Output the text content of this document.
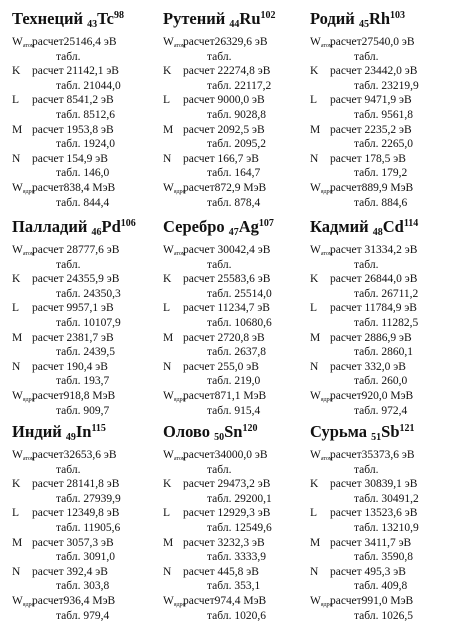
Технеций $_{43}Tc^{98}$
$W_{атом}$
расчет25146,4 эВ
табл.
K расчет 21142,1 эВ
табл. 21044,0
L расчет 8541,2 эВ
табл. 8512,6
M расчет 1953,8 эВ
табл. 1924,0
N расчет 154,9 эВ
табл. 146,0
$W_{ядро}$
расчет838,4 МэВ
табл. 844,4
Рутений $_{44}Ru^{102}$
$W_{атом}$
расчет26329,6 эВ
табл.
K расчет 22274,8 эВ
табл. 22117,2
L расчет 9000,0 эВ
табл. 9028,8
M расчет 2092,5 эВ
табл. 2095,2
N расчет 166,7 эВ
табл. 164,7
$W_{ядро}$
расчет872,9 МэВ
табл. 878,4
Родий $_{45}Rh^{103}$
$W_{атом}$
расчет27540,0 эВ
табл.
K расчет 23442,0 эВ
табл. 23219,9
L расчет 9471,9 эВ
табл. 9561,8
M расчет 2235,2 эВ
табл. 2265,0
N расчет 178,5 эВ
табл. 179,2
$W_{ядро}$
расчет889,9 МэВ
табл. 884,6
Палладий $_{46}Pd^{106}$
$W_{атом}$
расчет 28777,6 эВ
табл.
K расчет 24355,9 эВ
табл. 24350,3
L расчет 9957,1 эВ
табл. 10107,9
M расчет 2381,7 эВ
табл. 2439,5
N расчет 190,4 эВ
табл. 193,7
$W_{ядро}$
расчет918,8 МэВ
табл. 909,7
Серебро $_{47}Ag^{107}$
$W_{атом}$
расчет 30042,4 эВ
табл.
K расчет 25583,6 эВ
табл. 25514,0
L расчет 11234,7 эВ
табл. 10680,6
M расчет 2720,8 эВ
табл. 2637,8
N расчет 255,0 эВ
табл. 219,0
$W_{ядро}$
расчет871,1 МэВ
табл. 915,4
Кадмий $_{48}Cd^{114}$
$W_{атом}$
расчет 31334,2 эВ
табл.
K расчет 26844,0 эВ
табл. 26711,2
L расчет 11784,9 эВ
табл. 11282,5
M расчет 2886,9 эВ
табл. 2860,1
N расчет 332,0 эВ
табл. 260,0
$W_{ядро}$
расчет920,0 МэВ
табл. 972,4
Индий $_{49}In^{115}$
$W_{атом}$
расчет32653,6 эВ
табл.
K расчет 28141,8 эВ
табл. 27939,9
L расчет 12349,8 эВ
табл. 11905,6
M расчет 3057,3 эВ
табл. 3091,0
N расчет 392,4 эВ
табл. 303,8
$W_{ядро}$
расчет936,4 МэВ
табл. 979,4
Олово $_{50}Sn^{120}$
$W_{атом}$
расчет34000,0 эВ
табл.
K расчет 29473,2 эВ
табл. 29200,1
L расчет 12929,3 эВ
табл. 12549,6
M расчет 3232,3 эВ
табл. 3333,9
N расчет 445,8 эВ
табл. 353,1
$W_{ядро}$
расчет974,4 МэВ
табл. 1020,6
Сурьма $_{51}Sb^{121}$
$W_{атом}$
расчет35373,6 эВ
табл.
K расчет 30839,1 эВ
табл. 30491,2
L расчет 13523,6 эВ
табл. 13210,9
M расчет 3411,7 эВ
табл. 3590,8
N расчет 495,3 эВ
табл. 409,8
$W_{ядро}$
расчет991,0 МэВ
табл. 1026,5
